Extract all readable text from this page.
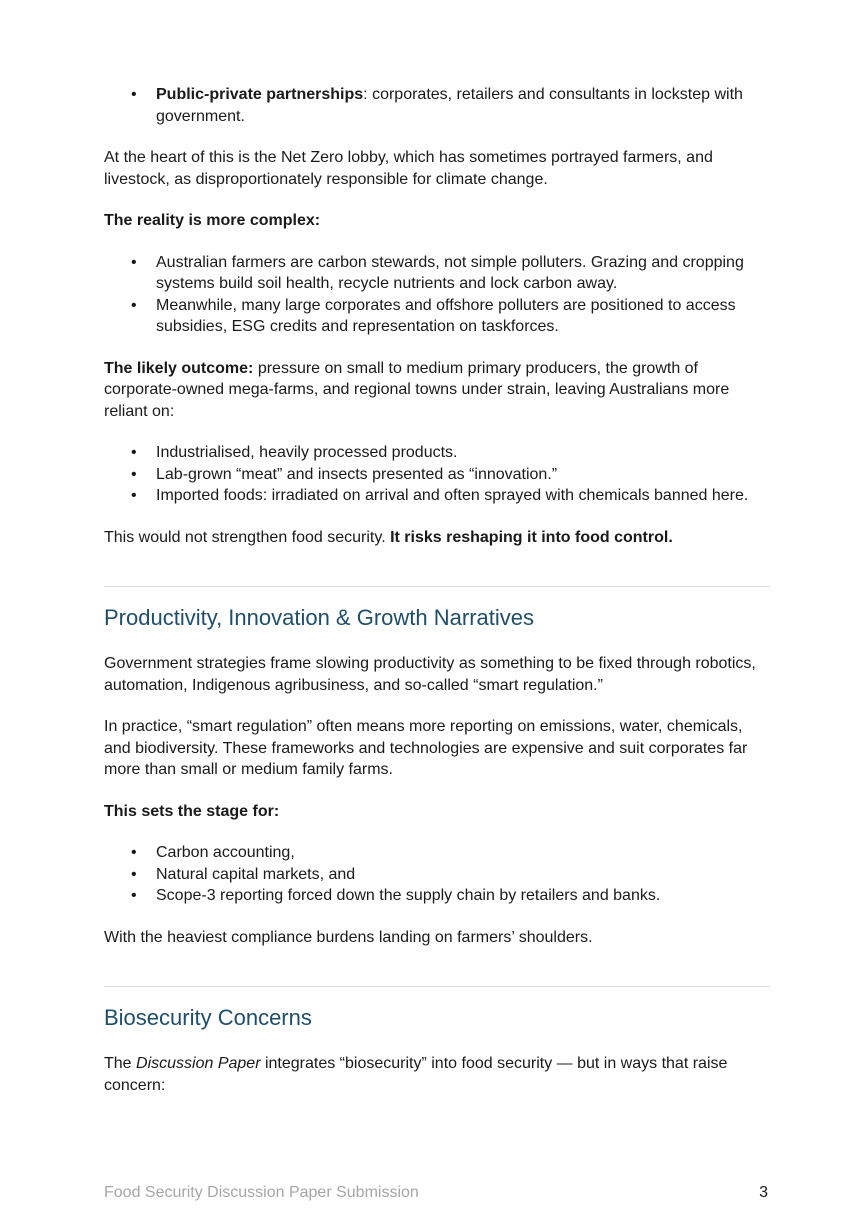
• Public-private partnerships: corporates, retailers and consultants in lockstep with government.

At the heart of this is the Net Zero lobby, which has sometimes portrayed farmers, and livestock, as disproportionately responsible for climate change.

The reality is more complex:

• Australian farmers are carbon stewards, not simple polluters. Grazing and cropping systems build soil health, recycle nutrients and lock carbon away.
• Meanwhile, many large corporates and offshore polluters are positioned to access subsidies, ESG credits and representation on taskforces.

The likely outcome: pressure on small to medium primary producers, the growth of corporate-owned mega-farms, and regional towns under strain, leaving Australians more reliant on:

• Industrialised, heavily processed products.
• Lab-grown “meat” and insects presented as “innovation.”
• Imported foods: irradiated on arrival and often sprayed with chemicals banned here.

This would not strengthen food security. It risks reshaping it into food control.

Productivity, Innovation & Growth Narratives

Government strategies frame slowing productivity as something to be fixed through robotics, automation, Indigenous agribusiness, and so-called “smart regulation.”

In practice, “smart regulation” often means more reporting on emissions, water, chemicals, and biodiversity. These frameworks and technologies are expensive and suit corporates far more than small or medium family farms.

This sets the stage for:

• Carbon accounting,
• Natural capital markets, and
• Scope-3 reporting forced down the supply chain by retailers and banks.

With the heaviest compliance burdens landing on farmers’ shoulders.

Biosecurity Concerns

The Discussion Paper integrates “biosecurity” into food security — but in ways that raise concern:

Food Security Discussion Paper Submission	3
